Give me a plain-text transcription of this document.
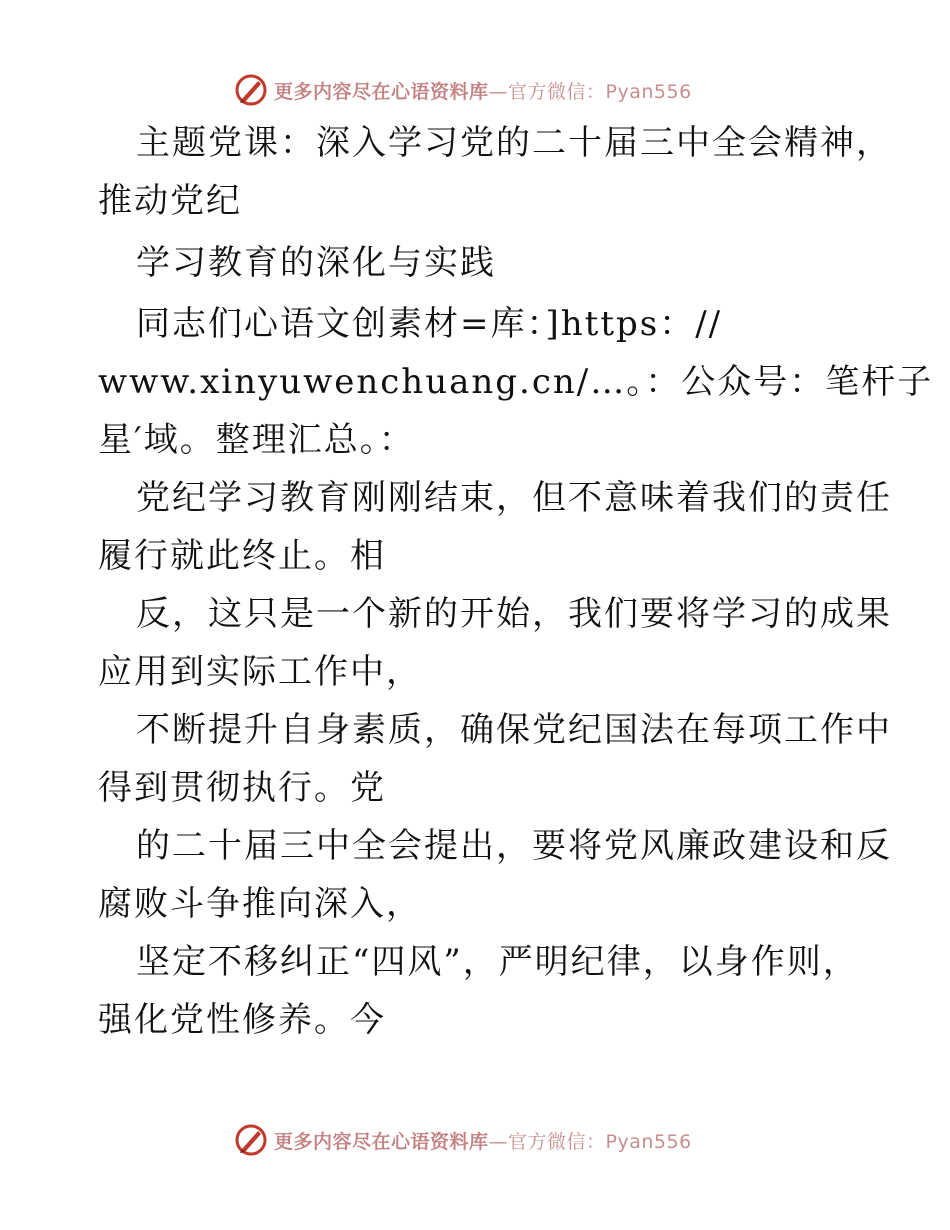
更多内容尽在心语资料库—官方微信：Pyan556
主题党课：深入学习党的二十届三中全会精神，
推动党纪
学习教育的深化与实践
同志们心语文创素材=库：]https：//
www.xinyuwenchuang.cn/…。：公众号：笔杆子
星′域。整理汇总。：
党纪学习教育刚刚结束，但不意味着我们的责任
履行就此终止。相
反，这只是一个新的开始，我们要将学习的成果
应用到实际工作中，
不断提升自身素质，确保党纪国法在每项工作中
得到贯彻执行。党
的二十届三中全会提出，要将党风廉政建设和反
腐败斗争推向深入，
坚定不移纠正“四风”，严明纪律，以身作则，
强化党性修养。今
更多内容尽在心语资料库—官方微信：Pyan556
